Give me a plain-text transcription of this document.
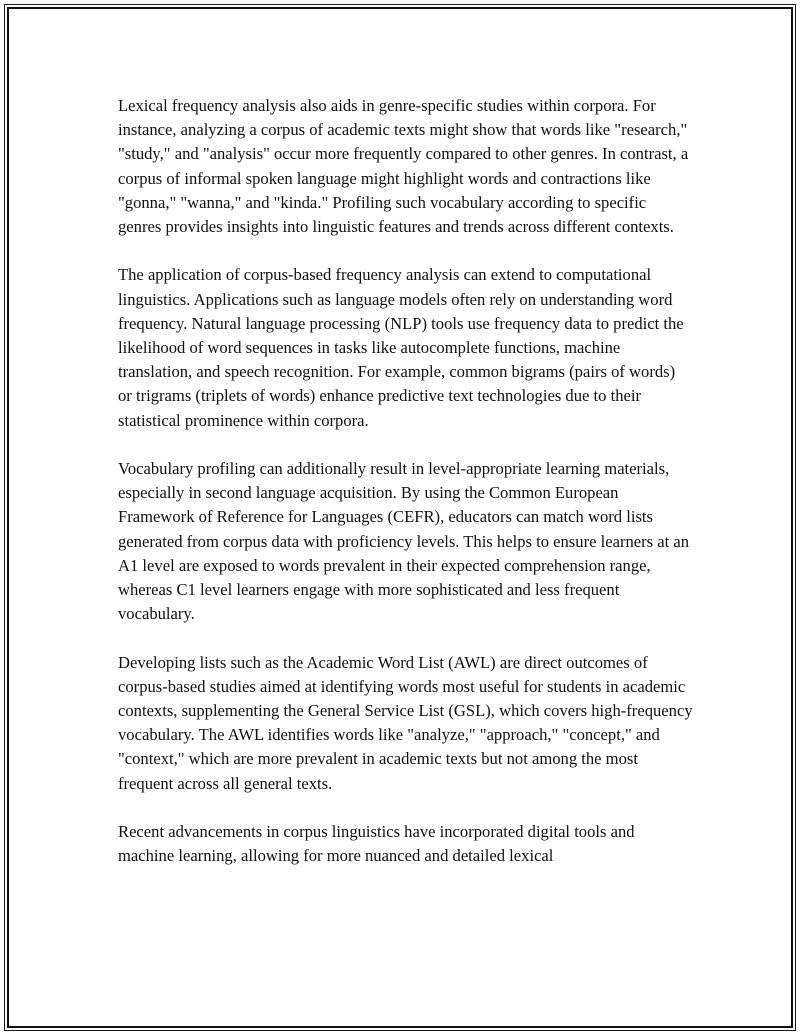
Lexical frequency analysis also aids in genre-specific studies within corpora. For instance, analyzing a corpus of academic texts might show that words like "research," "study," and "analysis" occur more frequently compared to other genres. In contrast, a corpus of informal spoken language might highlight words and contractions like "gonna," "wanna," and "kinda." Profiling such vocabulary according to specific genres provides insights into linguistic features and trends across different contexts.

The application of corpus-based frequency analysis can extend to computational linguistics. Applications such as language models often rely on understanding word frequency. Natural language processing (NLP) tools use frequency data to predict the likelihood of word sequences in tasks like autocomplete functions, machine translation, and speech recognition. For example, common bigrams (pairs of words) or trigrams (triplets of words) enhance predictive text technologies due to their statistical prominence within corpora.

Vocabulary profiling can additionally result in level-appropriate learning materials, especially in second language acquisition. By using the Common European Framework of Reference for Languages (CEFR), educators can match word lists generated from corpus data with proficiency levels. This helps to ensure learners at an A1 level are exposed to words prevalent in their expected comprehension range, whereas C1 level learners engage with more sophisticated and less frequent vocabulary.

Developing lists such as the Academic Word List (AWL) are direct outcomes of corpus-based studies aimed at identifying words most useful for students in academic contexts, supplementing the General Service List (GSL), which covers high-frequency vocabulary. The AWL identifies words like "analyze," "approach," "concept," and "context," which are more prevalent in academic texts but not among the most frequent across all general texts.

Recent advancements in corpus linguistics have incorporated digital tools and machine learning, allowing for more nuanced and detailed lexical
